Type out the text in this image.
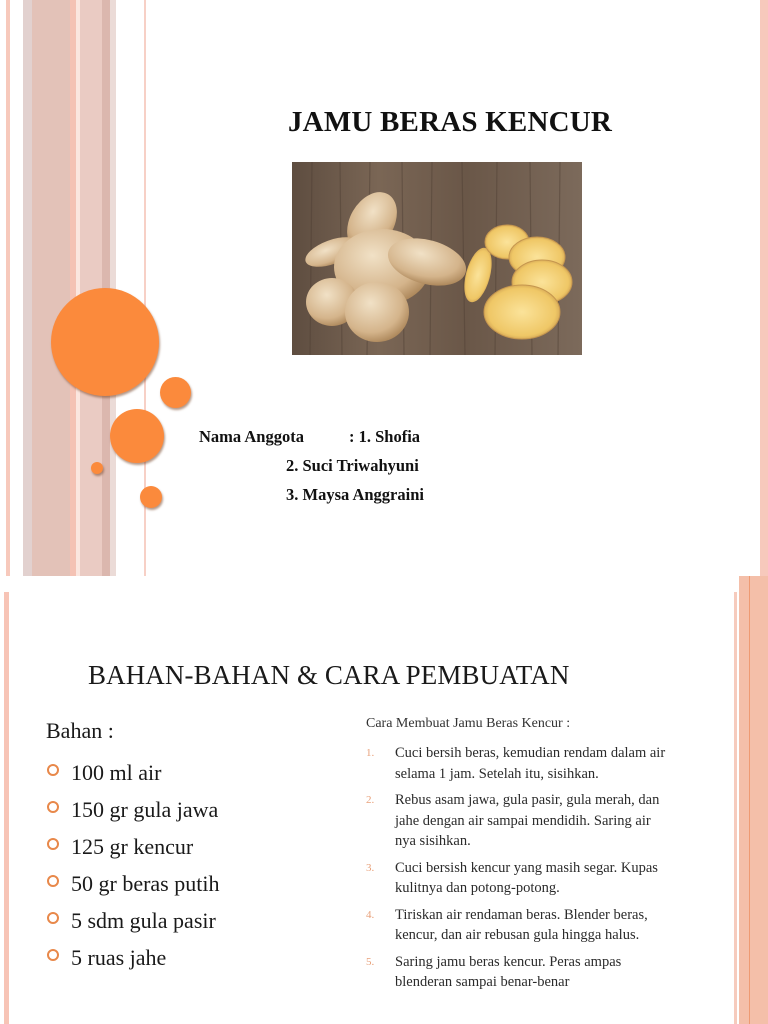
JAMU BERAS KENCUR
Nama Anggota	: 1. Shofia
2. Suci Triwahyuni
3. Maysa Anggraini
BAHAN-BAHAN & CARA PEMBUATAN
Bahan :
100 ml air
150 gr gula jawa
125 gr kencur
50 gr beras putih
5 sdm gula pasir
5 ruas jahe
Cara Membuat Jamu Beras Kencur :
1.	Cuci bersih beras, kemudian rendam dalam air selama 1 jam. Setelah itu, sisihkan.
2.	Rebus asam jawa, gula pasir, gula merah, dan jahe dengan air sampai mendidih. Saring air nya sisihkan.
3.	Cuci bersish kencur yang masih segar. Kupas kulitnya dan potong-potong.
4.	Tiriskan air rendaman beras. Blender beras, kencur, dan air rebusan gula hingga halus.
5.	Saring jamu beras kencur. Peras ampas blenderan sampai benar-benar
